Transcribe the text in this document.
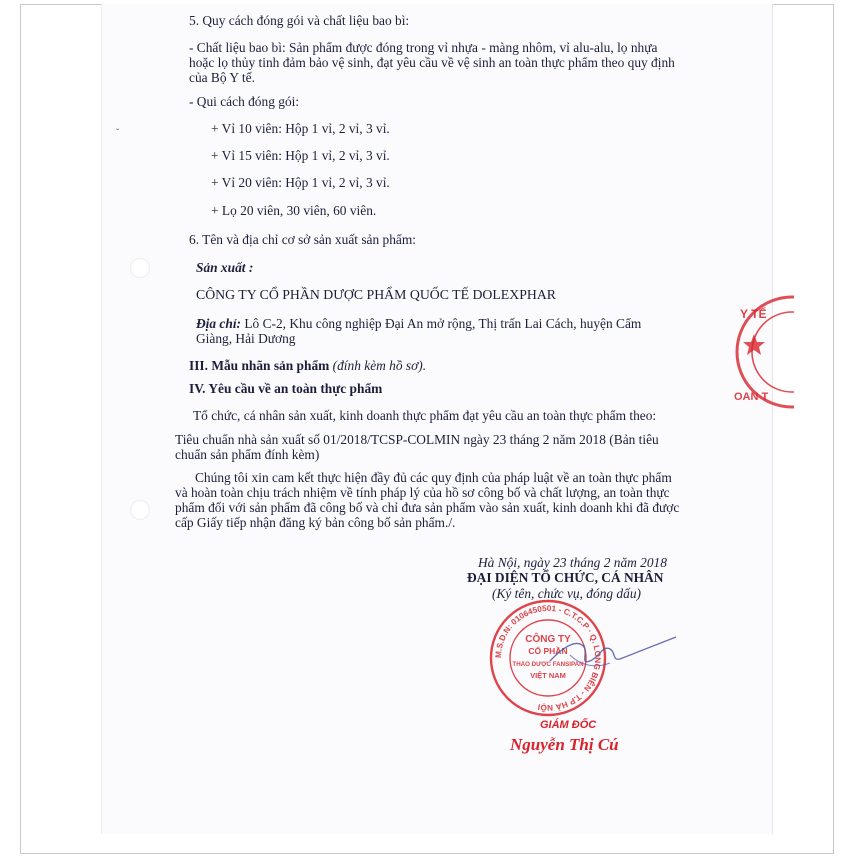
5. Quy cách đóng gói và chất liệu bao bì:
- Chất liệu bao bì: Sản phẩm được đóng trong vỉ nhựa - màng nhôm, vỉ alu-alu, lọ nhựa
hoặc lọ thủy tinh đảm bảo vệ sinh, đạt yêu cầu về vệ sinh an toàn thực phẩm theo quy định
của Bộ Y tế.
- Qui cách đóng gói:
+ Vỉ 10 viên: Hộp 1 vỉ, 2 vỉ, 3 vỉ.
+ Vỉ 15 viên: Hộp 1 vỉ, 2 vỉ, 3 vỉ.
+ Vỉ 20 viên: Hộp 1 vỉ, 2 vỉ, 3 vỉ.
+ Lọ 20 viên, 30 viên, 60 viên.
6. Tên và địa chỉ cơ sở sản xuất sản phẩm:
Sản xuất :
CÔNG TY CỔ PHẦN DƯỢC PHẨM QUỐC TẾ DOLEXPHAR
Địa chỉ: Lô C-2, Khu công nghiệp Đại An mở rộng, Thị trấn Lai Cách, huyện Cẩm
Giàng, Hải Dương
III. Mẫu nhãn sản phẩm (đính kèm hồ sơ).
IV. Yêu cầu về an toàn thực phẩm
Tổ chức, cá nhân sản xuất, kinh doanh thực phẩm đạt yêu cầu an toàn thực phẩm theo:
Tiêu chuẩn nhà sản xuất số 01/2018/TCSP-COLMIN ngày 23 tháng 2 năm 2018 (Bản tiêu
chuẩn sản phẩm đính kèm)
Chúng tôi xin cam kết thực hiện đầy đủ các quy định của pháp luật về an toàn thực phẩm
và hoàn toàn chịu trách nhiệm về tính pháp lý của hồ sơ công bố và chất lượng, an toàn thực
phẩm đối với sản phẩm đã công bố và chỉ đưa sản phẩm vào sản xuất, kinh doanh khi đã được
cấp Giấy tiếp nhận đăng ký bản công bố sản phẩm./.
Hà Nội, ngày 23 tháng 2 năm 2018
ĐẠI DIỆN TỔ CHỨC, CÁ NHÂN
(Ký tên, chức vụ, đóng dấu)
M.S.D.N: 0106450501 - C.T.C.P · Q. LONG BIÊN - T.P HÀ NỘI
CÔNG TY
CỔ PHẦN
THẢO DƯỢC FANSIPAN
VIỆT NAM
GIÁM ĐỐC
Nguyễn Thị Cú
Y TẾ
OAN T
ˇ
